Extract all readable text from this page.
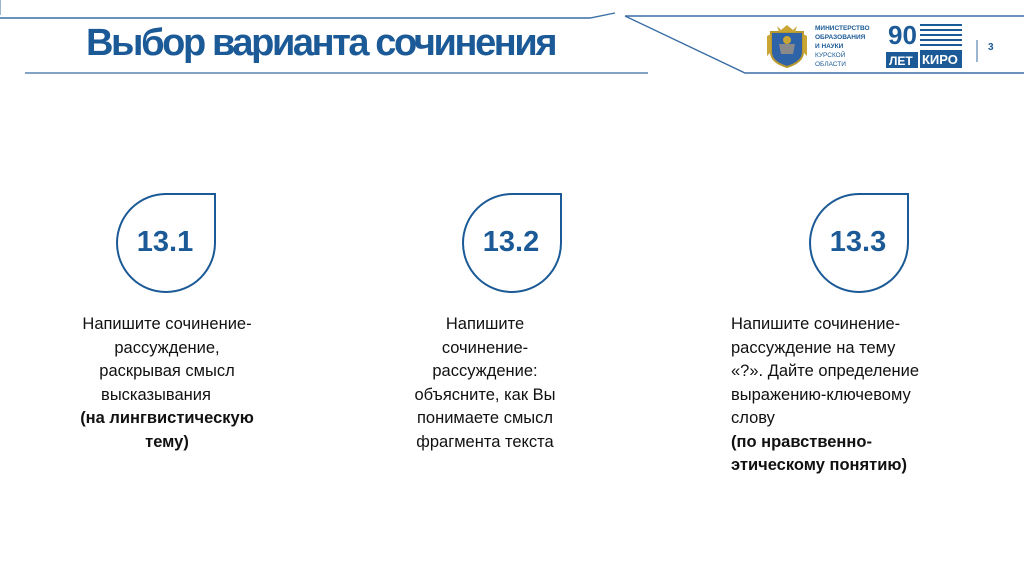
Выбор варианта сочинения	МИНИСТЕРСТВО
ОБРАЗОВАНИЯ
И НАУКИ
КУРСКОЙ
ОБЛАСТИ
90
ЛЕТ КИРО
3
13.1
Напишите сочинение-
рассуждение,
раскрывая смысл
высказывания
(на лингвистическую
тему)
13.2
Напишите
сочинение-
рассуждение:
объясните, как Вы
понимаете смысл
фрагмента текста
13.3
Напишите сочинение-
рассуждение на тему
«?». Дайте определение
выражению-ключевому
слову
(по нравственно-
этическому понятию)
